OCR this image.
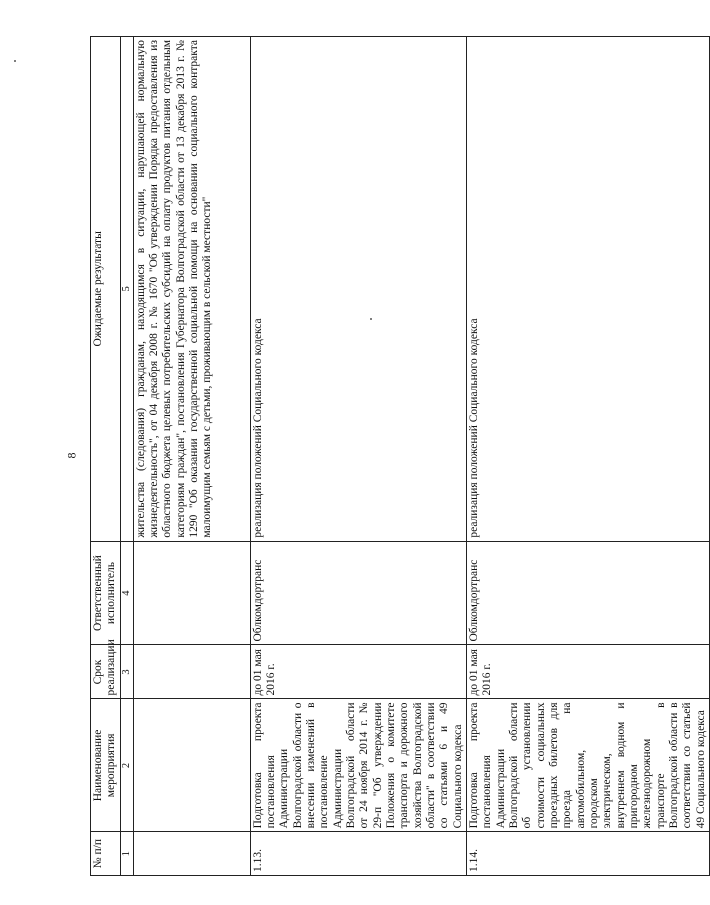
8
№ п/п	Наименование мероприятия	Срок реализации	Ответственный исполнитель	Ожидаемые результаты
1	2	3	4	5
				жительства (следования) гражданам, находящимся в ситуации, нарушающей нормальную жизнедеятельность", от 04 декабря 2008 г. № 1670 "Об утверждении Порядка предоставления из областного бюджета целевых потребительских субсидий на оплату продуктов питания отдельным категориям граждан", постановления Губернатора Волгоградской области от 13 декабря 2013 г. № 1290 "Об оказании государственной социальной помощи на основании социального контракта малоимущим семьям с детьми, проживающим в сельской местности"
1.13.	Подготовка проекта постановления Администрации Волгоградской области о внесении изменений в постановление Администрации Волгоградской области от 24 ноября 2014 г. № 29-п "Об утверждении Положения о комитете транспорта и дорожного хозяйства Волгоградской области" в соответствии со статьями 6 и 49 Социального кодекса	до 01 мая 2016 г.	Облкомдортранс	реализация положений Социального кодекса
1.14.	Подготовка проекта постановления Администрации Волгоградской области об установлении стоимости социальных проездных билетов для проезда на автомобильном, городском электрическом, внутреннем водном и пригородном железнодорожном транспорте в Волгоградской области в соответствии со статьей 49 Социального кодекса	до 01 мая 2016 г.	Облкомдортранс	реализация положений Социального кодекса
